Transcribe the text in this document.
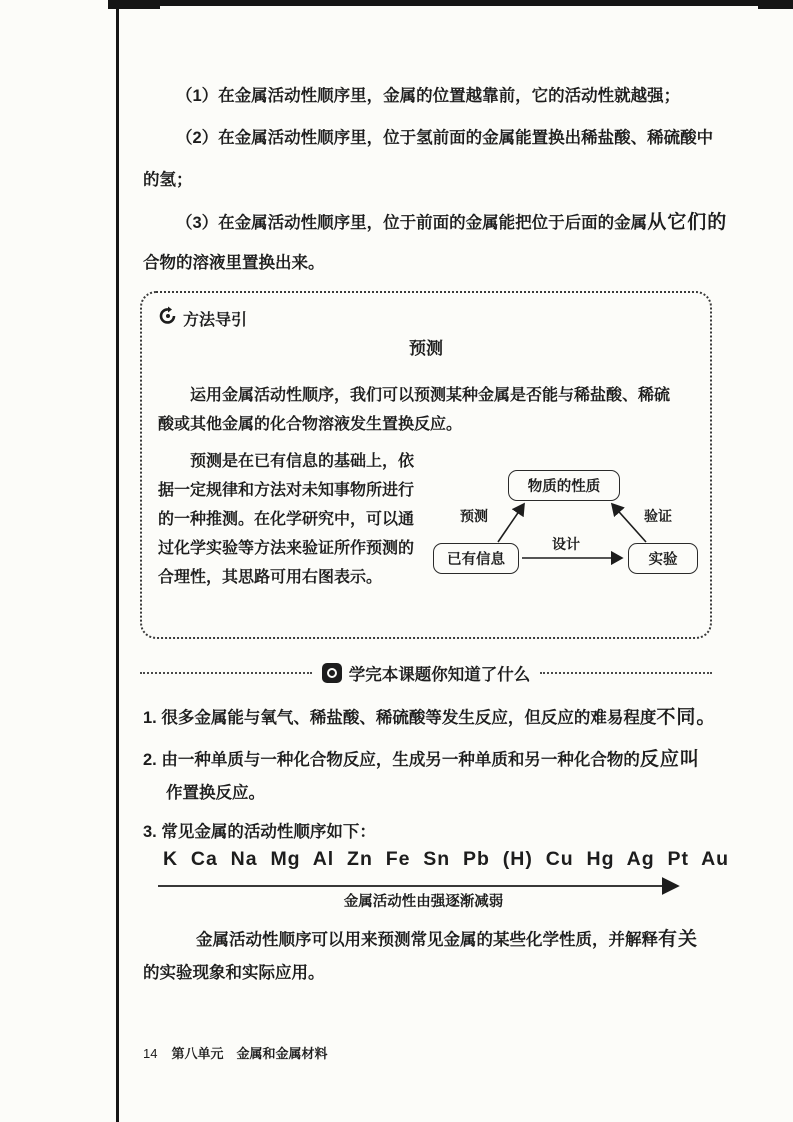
（1）在金属活动性顺序里，金属的位置越靠前，它的活动性就越强；
（2）在金属活动性顺序里，位于氢前面的金属能置换出稀盐酸、稀硫酸中
的氢；
（3）在金属活动性顺序里，位于前面的金属能把位于后面的金属从它们的
合物的溶液里置换出来。
方法导引
预测
运用金属活动性顺序，我们可以预测某种金属是否能与稀盐酸、稀硫
酸或其他金属的化合物溶液发生置换反应。
预测是在已有信息的基础上，依
据一定规律和方法对未知事物所进行
的一种推测。在化学研究中，可以通
过化学实验等方法来验证所作预测的
合理性，其思路可用右图表示。
物质的性质
已有信息	实验
预测	验证
设计
学完本课题你知道了什么
1. 很多金属能与氧气、稀盐酸、稀硫酸等发生反应，但反应的难易程度不同。
2. 由一种单质与一种化合物反应，生成另一种单质和另一种化合物的反应叫
作置换反应。
3. 常见金属的活动性顺序如下：
K  Ca  Na  Mg  Al  Zn  Fe  Sn  Pb  (H)  Cu  Hg  Ag  Pt  Au
金属活动性由强逐渐减弱
金属活动性顺序可以用来预测常见金属的某些化学性质，并解释有关
的实验现象和实际应用。
14 第八单元　金属和金属材料
